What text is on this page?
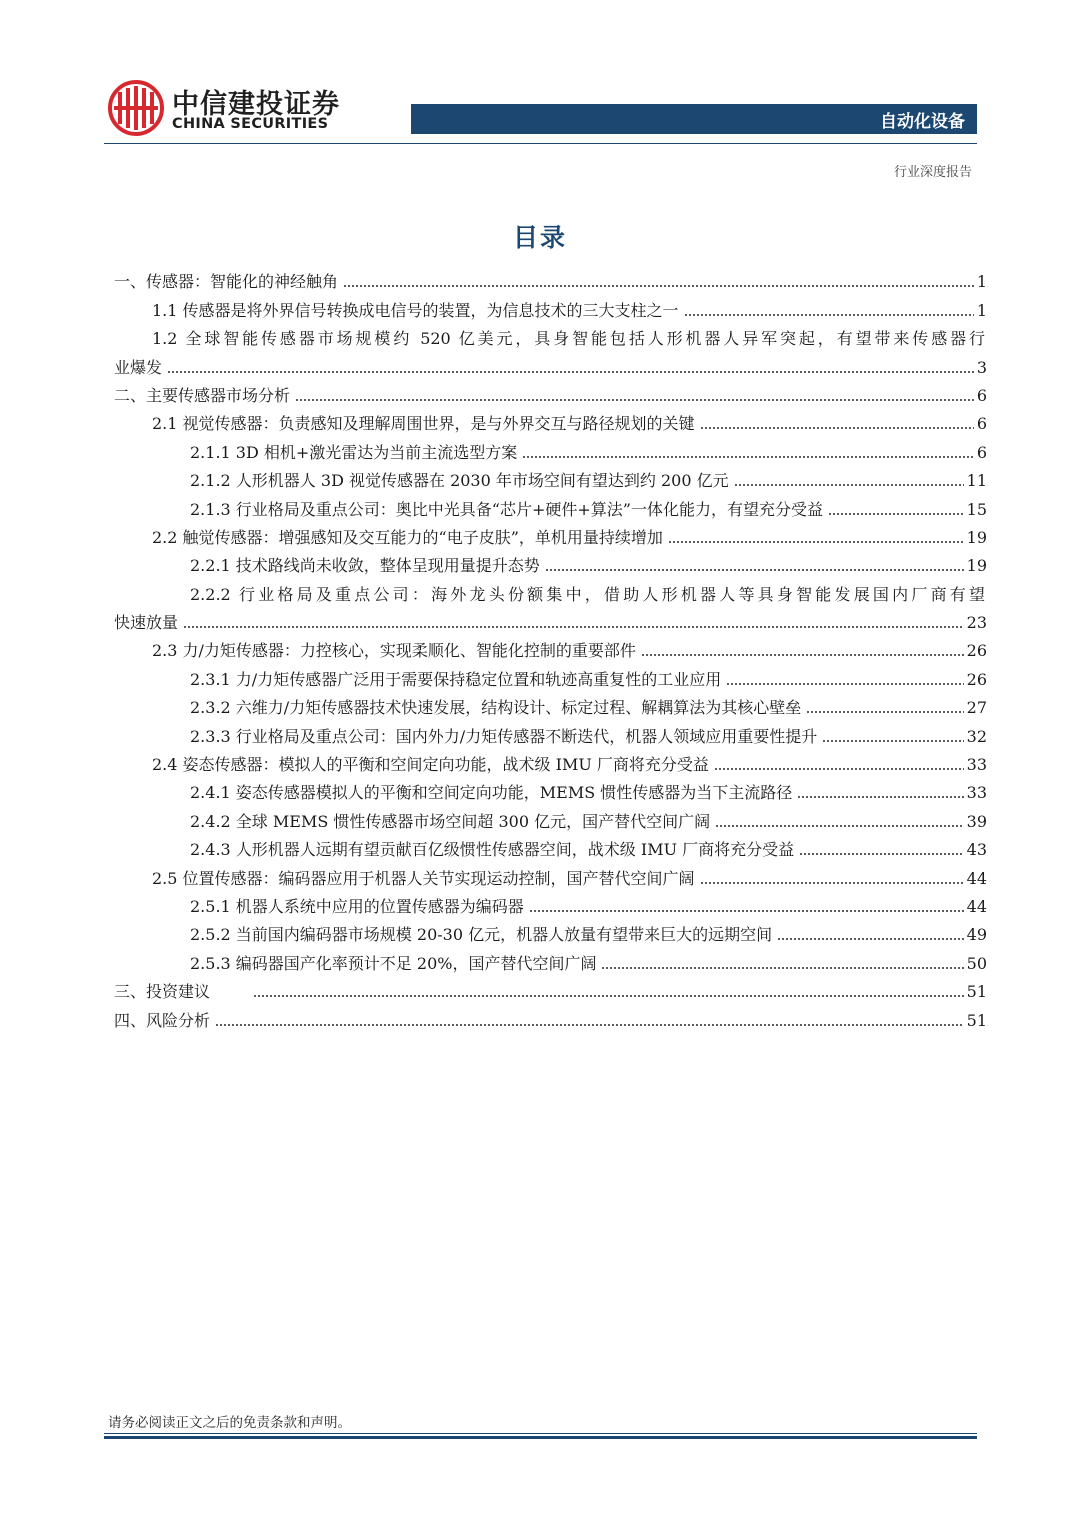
中信建投证券
CHINA SECURITIES	自动化设备
行业深度报告
目录
一、传感器：智能化的神经触角	1
1.1 传感器是将外界信号转换成电信号的装置，为信息技术的三大支柱之一	1
1.2 全球智能传感器市场规模约 520 亿美元，具身智能包括人形机器人异军突起，有望带来传感器行
业爆发	3
二、主要传感器市场分析	6
2.1 视觉传感器：负责感知及理解周围世界，是与外界交互与路径规划的关键	6
2.1.1 3D 相机+激光雷达为当前主流选型方案	6
2.1.2 人形机器人 3D 视觉传感器在 2030 年市场空间有望达到约 200 亿元	11
2.1.3 行业格局及重点公司：奥比中光具备“芯片+硬件+算法”一体化能力，有望充分受益	15
2.2 触觉传感器：增强感知及交互能力的“电子皮肤”，单机用量持续增加	19
2.2.1 技术路线尚未收敛，整体呈现用量提升态势	19
2.2.2 行业格局及重点公司：海外龙头份额集中，借助人形机器人等具身智能发展国内厂商有望
快速放量	23
2.3 力/力矩传感器：力控核心，实现柔顺化、智能化控制的重要部件	26
2.3.1 力/力矩传感器广泛用于需要保持稳定位置和轨迹高重复性的工业应用	26
2.3.2 六维力/力矩传感器技术快速发展，结构设计、标定过程、解耦算法为其核心壁垒	27
2.3.3 行业格局及重点公司：国内外力/力矩传感器不断迭代，机器人领域应用重要性提升	32
2.4 姿态传感器：模拟人的平衡和空间定向功能，战术级 IMU 厂商将充分受益	33
2.4.1 姿态传感器模拟人的平衡和空间定向功能，MEMS 惯性传感器为当下主流路径	33
2.4.2 全球 MEMS 惯性传感器市场空间超 300 亿元，国产替代空间广阔	39
2.4.3 人形机器人远期有望贡献百亿级惯性传感器空间，战术级 IMU 厂商将充分受益	43
2.5 位置传感器：编码器应用于机器人关节实现运动控制，国产替代空间广阔	44
2.5.1 机器人系统中应用的位置传感器为编码器	44
2.5.2 当前国内编码器市场规模 20-30 亿元，机器人放量有望带来巨大的远期空间	49
2.5.3 编码器国产化率预计不足 20%，国产替代空间广阔	50
三、投资建议	51
四、风险分析	51
请务必阅读正文之后的免责条款和声明。
